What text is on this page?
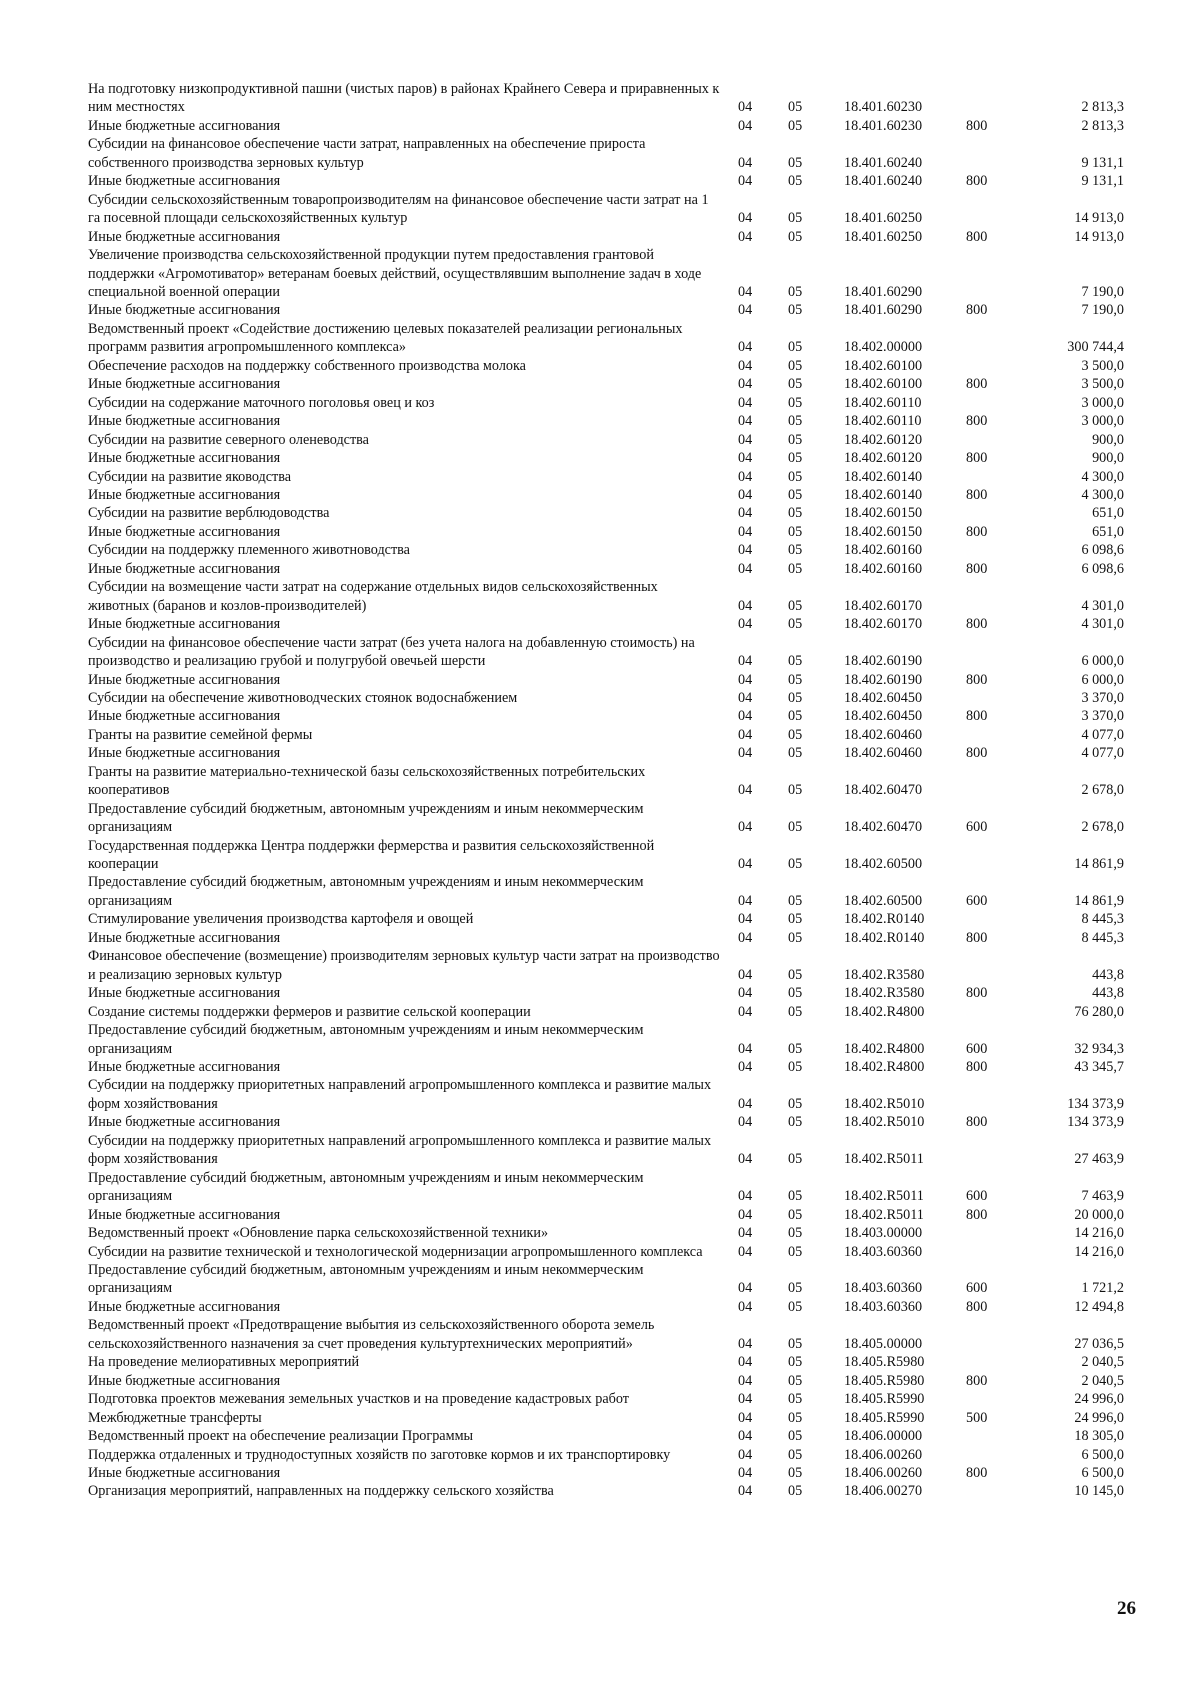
На подготовку низкопродуктивной пашни (чистых паров) в районах Крайнего Севера и приравненных к ним местностях	04	05	18.401.60230		2 813,3
Иные бюджетные ассигнования	04	05	18.401.60230	800	2 813,3
Субсидии на финансовое обеспечение части затрат, направленных на обеспечение прироста собственного производства зерновых культур	04	05	18.401.60240		9 131,1
Иные бюджетные ассигнования	04	05	18.401.60240	800	9 131,1
Субсидии сельскохозяйственным товаропроизводителям на финансовое обеспечение части затрат на 1 га посевной площади сельскохозяйственных культур	04	05	18.401.60250		14 913,0
Иные бюджетные ассигнования	04	05	18.401.60250	800	14 913,0
Увеличение производства сельскохозяйственной продукции путем предоставления грантовой поддержки «Агромотиватор» ветеранам боевых действий, осуществлявшим выполнение задач в ходе специальной военной операции	04	05	18.401.60290		7 190,0
Иные бюджетные ассигнования	04	05	18.401.60290	800	7 190,0
Ведомственный проект «Содействие достижению целевых показателей реализации региональных программ развития агропромышленного комплекса»	04	05	18.402.00000		300 744,4
Обеспечение расходов на поддержку собственного производства молока	04	05	18.402.60100		3 500,0
Иные бюджетные ассигнования	04	05	18.402.60100	800	3 500,0
Субсидии на содержание маточного поголовья овец и коз	04	05	18.402.60110		3 000,0
Иные бюджетные ассигнования	04	05	18.402.60110	800	3 000,0
Субсидии на развитие северного оленеводства	04	05	18.402.60120		900,0
Иные бюджетные ассигнования	04	05	18.402.60120	800	900,0
Субсидии на развитие яководства	04	05	18.402.60140		4 300,0
Иные бюджетные ассигнования	04	05	18.402.60140	800	4 300,0
Субсидии на развитие верблюдоводства	04	05	18.402.60150		651,0
Иные бюджетные ассигнования	04	05	18.402.60150	800	651,0
Субсидии на поддержку племенного животноводства	04	05	18.402.60160		6 098,6
Иные бюджетные ассигнования	04	05	18.402.60160	800	6 098,6
Субсидии на возмещение части затрат на содержание отдельных видов сельскохозяйственных животных (баранов и козлов-производителей)	04	05	18.402.60170		4 301,0
Иные бюджетные ассигнования	04	05	18.402.60170	800	4 301,0
Субсидии на финансовое обеспечение части затрат (без учета налога на добавленную стоимость) на производство и реализацию грубой и полугрубой овечьей шерсти	04	05	18.402.60190		6 000,0
Иные бюджетные ассигнования	04	05	18.402.60190	800	6 000,0
Субсидии на обеспечение животноводческих стоянок водоснабжением	04	05	18.402.60450		3 370,0
Иные бюджетные ассигнования	04	05	18.402.60450	800	3 370,0
Гранты на развитие семейной фермы	04	05	18.402.60460		4 077,0
Иные бюджетные ассигнования	04	05	18.402.60460	800	4 077,0
Гранты на развитие материально-технической базы сельскохозяйственных потребительских кооперативов	04	05	18.402.60470		2 678,0
Предоставление субсидий бюджетным, автономным учреждениям и иным некоммерческим организациям	04	05	18.402.60470	600	2 678,0
Государственная поддержка Центра поддержки фермерства и развития сельскохозяйственной кооперации	04	05	18.402.60500		14 861,9
Предоставление субсидий бюджетным, автономным учреждениям и иным некоммерческим организациям	04	05	18.402.60500	600	14 861,9
Стимулирование увеличения производства картофеля и овощей	04	05	18.402.R0140		8 445,3
Иные бюджетные ассигнования	04	05	18.402.R0140	800	8 445,3
Финансовое обеспечение (возмещение) производителям зерновых культур части затрат на производство и реализацию зерновых культур	04	05	18.402.R3580		443,8
Иные бюджетные ассигнования	04	05	18.402.R3580	800	443,8
Создание системы поддержки фермеров и развитие сельской кооперации	04	05	18.402.R4800		76 280,0
Предоставление субсидий бюджетным, автономным учреждениям и иным некоммерческим организациям	04	05	18.402.R4800	600	32 934,3
Иные бюджетные ассигнования	04	05	18.402.R4800	800	43 345,7
Субсидии на поддержку приоритетных направлений агропромышленного комплекса и развитие малых форм хозяйствования	04	05	18.402.R5010		134 373,9
Иные бюджетные ассигнования	04	05	18.402.R5010	800	134 373,9
Субсидии на поддержку приоритетных направлений агропромышленного комплекса и развитие малых форм хозяйствования	04	05	18.402.R5011		27 463,9
Предоставление субсидий бюджетным, автономным учреждениям и иным некоммерческим организациям	04	05	18.402.R5011	600	7 463,9
Иные бюджетные ассигнования	04	05	18.402.R5011	800	20 000,0
Ведомственный проект «Обновление парка сельскохозяйственной техники»	04	05	18.403.00000		14 216,0
Субсидии на развитие технической и технологической модернизации агропромышленного комплекса	04	05	18.403.60360		14 216,0
Предоставление субсидий бюджетным, автономным учреждениям и иным некоммерческим организациям	04	05	18.403.60360	600	1 721,2
Иные бюджетные ассигнования	04	05	18.403.60360	800	12 494,8
Ведомственный проект «Предотвращение выбытия из сельскохозяйственного оборота земель сельскохозяйственного назначения за счет проведения культуртехнических мероприятий»	04	05	18.405.00000		27 036,5
На проведение мелиоративных мероприятий	04	05	18.405.R5980		2 040,5
Иные бюджетные ассигнования	04	05	18.405.R5980	800	2 040,5
Подготовка проектов межевания земельных участков и на проведение кадастровых работ	04	05	18.405.R5990		24 996,0
Межбюджетные трансферты	04	05	18.405.R5990	500	24 996,0
Ведомственный проект на обеспечение реализации Программы	04	05	18.406.00000		18 305,0
Поддержка отдаленных и труднодоступных хозяйств по заготовке кормов и их транспортировку	04	05	18.406.00260		6 500,0
Иные бюджетные ассигнования	04	05	18.406.00260	800	6 500,0
Организация мероприятий, направленных на поддержку сельского хозяйства	04	05	18.406.00270		10 145,0
26
